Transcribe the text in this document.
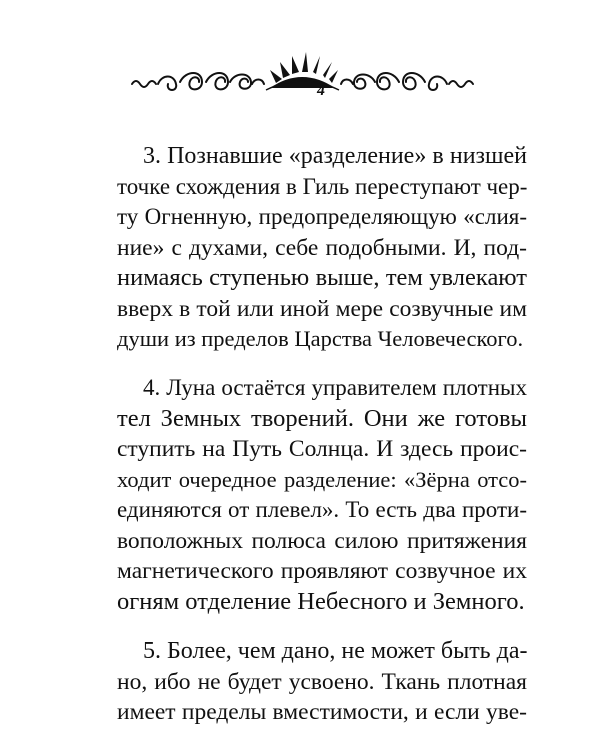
4
3. Познавшие «разделение» в низшей
точке схождения в Гиль переступают чер-
ту Огненную, предопределяющую «слия-
ние» с духами, себе подобными. И, под-
нимаясь ступенью выше, тем увлекают
вверх в той или иной мере созвучные им
души из пределов Царства Человеческого.
4. Луна остаётся управителем плотных
тел Земных творений. Они же готовы
ступить на Путь Солнца. И здесь проис-
ходит очередное разделение: «Зёрна отсо-
единяются от плевел». То есть два проти-
воположных полюса силою притяжения
магнетического проявляют созвучное их
огням отделение Небесного и Земного.
5. Более, чем дано, не может быть да-
но, ибо не будет усвоено. Ткань плотная
имеет пределы вместимости, и если уве-
